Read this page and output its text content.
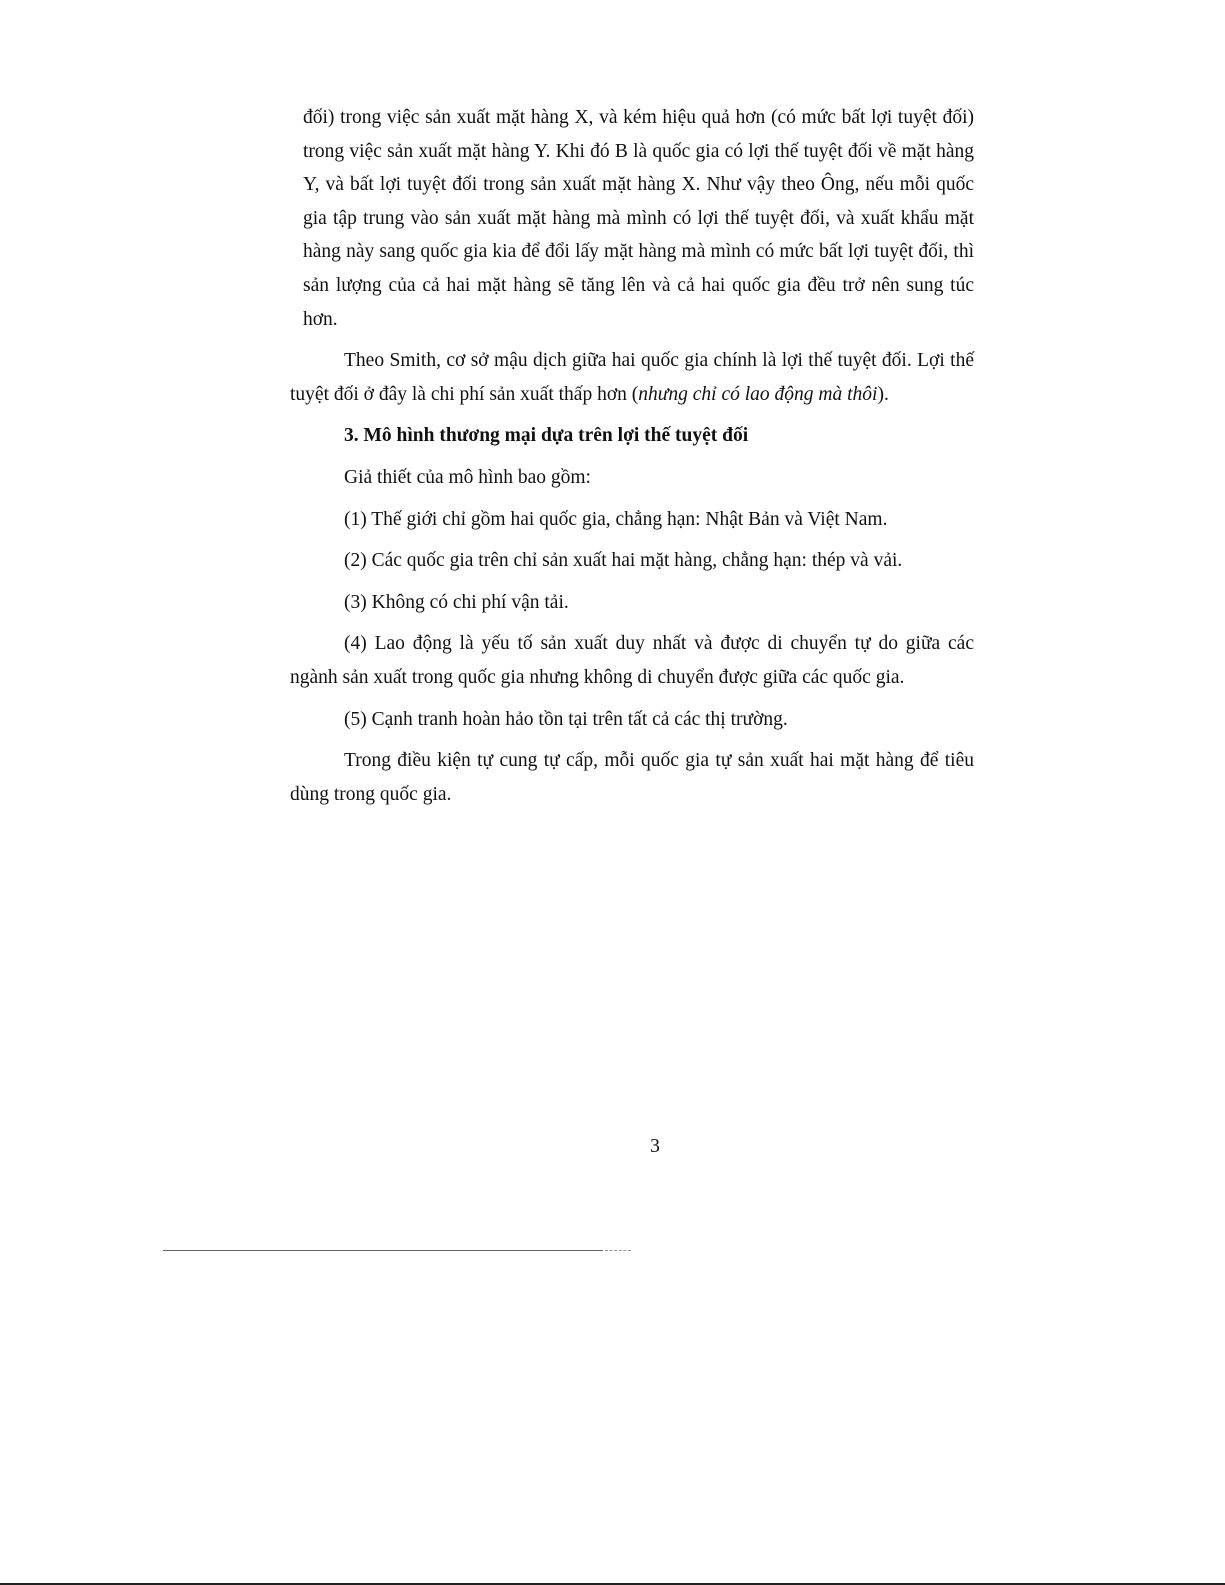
đối) trong việc sản xuất mặt hàng X, và kém hiệu quả hơn (có mức bất lợi tuyệt đối) trong việc sản xuất mặt hàng Y. Khi đó B là quốc gia có lợi thế tuyệt đối về mặt hàng Y, và bất lợi tuyệt đối trong sản xuất mặt hàng X. Như vậy theo Ông, nếu mỗi quốc gia tập trung vào sản xuất mặt hàng mà mình có lợi thế tuyệt đối, và xuất khẩu mặt hàng này sang quốc gia kia để đổi lấy mặt hàng mà mình có mức bất lợi tuyệt đối, thì sản lượng của cả hai mặt hàng sẽ tăng lên và cả hai quốc gia đều trở nên sung túc hơn.

Theo Smith, cơ sở mậu dịch giữa hai quốc gia chính là lợi thế tuyệt đối. Lợi thế tuyệt đối ở đây là chi phí sản xuất thấp hơn (nhưng chỉ có lao động mà thôi).

3. Mô hình thương mại dựa trên lợi thế tuyệt đối

Giả thiết của mô hình bao gồm:

(1) Thế giới chỉ gồm hai quốc gia, chẳng hạn: Nhật Bản và Việt Nam.

(2) Các quốc gia trên chỉ sản xuất hai mặt hàng, chẳng hạn: thép và vải.

(3) Không có chi phí vận tải.

(4) Lao động là yếu tố sản xuất duy nhất và được di chuyển tự do giữa các ngành sản xuất trong quốc gia nhưng không di chuyển được giữa các quốc gia.

(5) Cạnh tranh hoàn hảo tồn tại trên tất cả các thị trường.

Trong điều kiện tự cung tự cấp, mỗi quốc gia tự sản xuất hai mặt hàng để tiêu dùng trong quốc gia.

3
